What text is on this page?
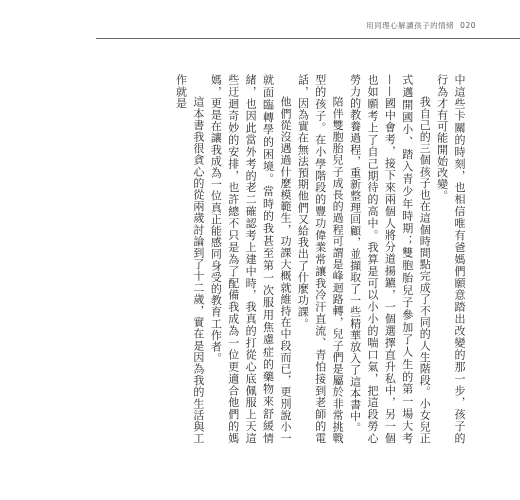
用同理心解讀孩子的情緒 020

中這些卡關的時刻，也相信唯有爸媽們願意踏出改變的那一步，孩子的行為才有可能開始改變。

我自己的三個孩子也在這個時間點完成了不同的人生階段。小女兒正式邁開國小、踏入青少年時期；雙胞胎兒子參加了人生的第一場大考——國中會考，接下來兩個人將分道揚鑣，一個選擇直升私中，另一個也如願考上了自己期待的高中。我算是可以小小的喘口氣，把這段勞心勞力的教養過程，重新整理回顧，並擷取了一些精華放入了這本書中。

陪伴雙胞胎兒子成長的過程可謂是峰迴路轉，兒子們是屬於非常挑戰型的孩子。在小學階段的豐功偉業常讓我冷汗直流、青怕接到老師的電話，因為實在無法預期他們又給我出了什麼功課。

他們從沒遇過什麼模範生，功課大概就維持在中段而已，更別說小一就面臨轉學的困境。當時的我甚至第一次服用焦慮症的藥物來舒緩情緒，也因此當外考的老二確認考上建中時，我真的打從心底佩服上天這些迂迴奇妙的安排，也許總不只是為了配備我成為一位更適合他們的媽媽，更是在讓我成為一位真正能感同身受的教育工作者。

這本書我很貪心的從兩歲討論到了十二歲，實在是因為我的生活與工作就是
